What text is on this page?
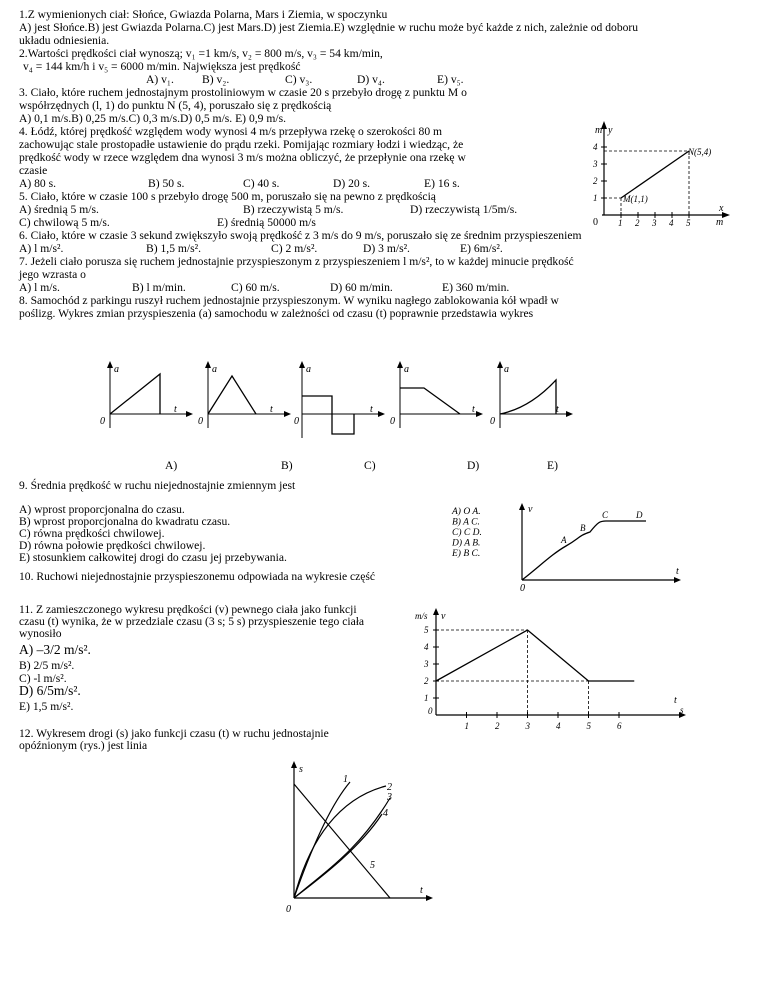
1.Z wymienionych ciał: Słońce, Gwiazda Polarna, Mars i Ziemia, w spoczynku
A) jest Słońce.B) jest Gwiazda Polarna.C) jest Mars.D) jest Ziemia.E) względnie w ruchu może być każde z nich, zależnie od doboru
układu odniesienia.
2.Wartości prędkości ciał wynoszą; v₁ =1 km/s, v₂ = 800 m/s, v₃ = 54 km/min,
v₄ = 144 km/h i v₅ = 6000 m/min. Największa jest prędkość
A) v₁. B) v₂.	C) v₃.	D) v₄.	E) v₅.
3. Ciało, które ruchem jednostajnym prostoliniowym w czasie 20 s przebyło drogę z punktu M o
współrzędnych (l, 1) do punktu N (5, 4), poruszało się z prędkością
A) 0,1 m/s.B) 0,25 m/s.C) 0,3 m/s.D) 0,5 m/s. E) 0,9 m/s.
4. Łódź, której prędkość względem wody wynosi 4 m/s przepływa rzekę o szerokości 80 m
zachowując stale prostopadłe ustawienie do prądu rzeki. Pomijając rozmiary łodzi i wiedząc, że
prędkość wody w rzece względem dna wynosi 3 m/s można obliczyć, że przepłynie ona rzekę w
czasie
A) 80 s.	B) 50 s.	C) 40 s.	D) 20 s.	E) 16 s.
5. Ciało, które w czasie 100 s przebyło drogę 500 m, poruszało się na pewno z prędkością
A) średnią 5 m/s.	B) rzeczywistą 5 m/s.	D) rzeczywistą 1/5m/s.
C) chwilową 5 m/s.	E) średnią 50000 m/s
6. Ciało, które w czasie 3 sekund zwiększyło swoją prędkość z 3 m/s do 9 m/s, poruszało się ze średnim przyspieszeniem
A) l m/s².	B) 1,5 m/s².	C) 2 m/s².	D) 3 m/s².	E) 6m/s².
7. Jeżeli ciało porusza się ruchem jednostajnie przyspieszonym z przyspieszeniem l m/s², to w każdej minucie prędkość
jego wzrasta o
A) l m/s.	B) l m/min.	C) 60 m/s.	D) 60 m/min.	E) 360 m/min.
8. Samochód z parkingu ruszył ruchem jednostajnie przyspieszonym. W wyniku nagłego zablokowania kół wpadł w
poślizg. Wykres zmian przyspieszenia (a) samochodu w zależności od czasu (t) poprawnie przedstawia wykres
A)	B)	C)	D)	E)
9. Średnia prędkość w ruchu niejednostajnie zmiennym jest
A) wprost proporcjonalna do czasu.
B) wprost proporcjonalna do kwadratu czasu.
C) równa prędkości chwilowej.
D) równa połowie prędkości chwilowej.
E) stosunkiem całkowitej drogi do czasu jej przebywania.
10. Ruchowi niejednostajnie przyspieszonemu odpowiada na wykresie część
11. Z zamieszczonego wykresu prędkości (v) pewnego ciała jako funkcji
czasu (t) wynika, że w przedziale czasu (3 s; 5 s) przyspieszenie tego ciała
wynosiło
A) –3/2 m/s².
B) 2/5 m/s².
C) -l m/s².
D) 6/5m/s².
E) 1,5 m/s².
12. Wykresem drogi (s) jako funkcji czasu (t) w ruchu jednostajnie
opóźnionym (rys.) jest linia
m y
x
m
0
1
2
3
4
1 2 3 4 5
M(1,1)
N(5,4)
a
t
0
a
t
0
a
t
0
a
t
0
a
t
0
A) O A.
B) A C.
C) C D.
D) A B.
E) B C.
v
t
0
A
B
C	D
m/s v
t
s
0
1
2
3
4
5
1	2	3	4	5	6
s
t
0
1
2
3
4
5
